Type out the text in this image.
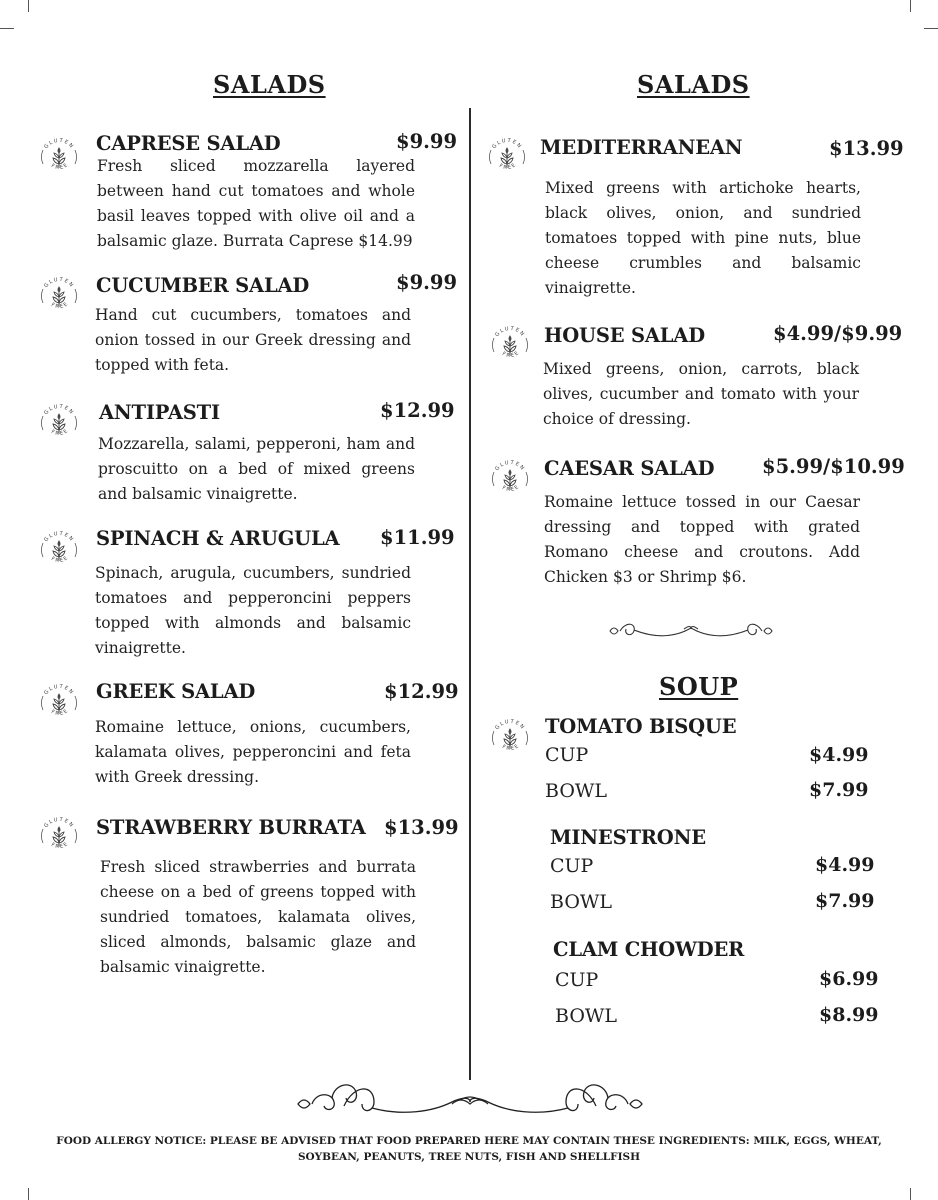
SALADS	SALADS
CAPRESE SALAD	$9.99
Fresh sliced mozzarella layered between hand cut tomatoes and whole basil leaves topped with olive oil and a balsamic glaze. Burrata Caprese $14.99
CUCUMBER SALAD	$9.99
Hand cut cucumbers, tomatoes and onion tossed in our Greek dressing and topped with feta.
ANTIPASTI	$12.99
Mozzarella, salami, pepperoni, ham and proscuitto on a bed of mixed greens and balsamic vinaigrette.
SPINACH & ARUGULA $11.99
Spinach, arugula, cucumbers, sundried tomatoes and pepperoncini peppers topped with almonds and balsamic vinaigrette.
GREEK SALAD	$12.99
Romaine lettuce, onions, cucumbers, kalamata olives, pepperoncini and feta with Greek dressing.
STRAWBERRY BURRATA $13.99
Fresh sliced strawberries and burrata cheese on a bed of greens topped with sundried tomatoes, kalamata olives, sliced almonds, balsamic glaze and balsamic vinaigrette.
MEDITERRANEAN	$13.99
Mixed greens with artichoke hearts, black olives, onion, and sundried tomatoes topped with pine nuts, blue cheese crumbles and balsamic vinaigrette.
HOUSE SALAD	$4.99/$9.99
Mixed greens, onion, carrots, black olives, cucumber and tomato with your choice of dressing.
CAESAR SALAD $5.99/$10.99
Romaine lettuce tossed in our Caesar dressing and topped with grated Romano cheese and croutons. Add Chicken $3 or Shrimp $6.
SOUP
TOMATO BISQUE
CUP	$4.99
BOWL	$7.99
MINESTRONE
CUP	$4.99
BOWL	$7.99
CLAM CHOWDER
CUP	$6.99
BOWL	$8.99
FOOD ALLERGY NOTICE: PLEASE BE ADVISED THAT FOOD PREPARED HERE MAY CONTAIN THESE INGREDIENTS: MILK, EGGS, WHEAT, SOYBEAN, PEANUTS, TREE NUTS, FISH AND SHELLFISH
